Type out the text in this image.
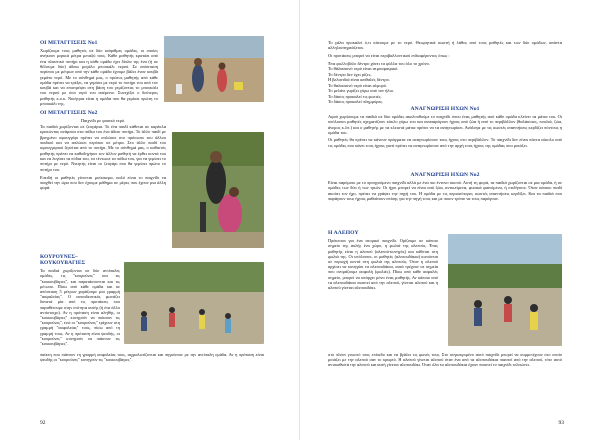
ΟΙ ΜΕΤΑΓΓΙΣΕΙΣ No1

Χωρίζουμε τους μαθητές σε δύο ισάριθμες ομάδες, οι οποίες ανήκουν μερικά μέτρα μεταξύ τους. Κάθε μαθητής κρατάει από ένα πλαστικό ποτήρι και η κάθε ομάδα έχει δίπλα της ένα (ή σε θέλουμε δύο) άδεια μεγάλο μπουκάλι νερού. Σε απόσταση περίπου με μέτρων από την κάθε ομάδα έχουμε βάλει έναν κουβά γεμάτο νερό. Με το σύνθημά μας, ο πρώτος μαθητής από κάθε ομάδα πρέπει να τρέξει, να γεμίσει με νερό το ποτήρι του από τον κουβά και να επιστρέψει στη βάση του γεμίζοντας το μπουκάλι του νερού με όσο νερό του απέμεινε. Συνεχίζει ο δεύτερος μαθητής κ.ο.κ. Νικήτρια είναι η ομάδα που θα γεμίσει πρώτη το μπουκάλι της.

ΟΙ ΜΕΤΑΓΓΙΣΕΙΣ No2

Παιχνίδι με φυσικό νερό.

Τα παιδιά χωρίζονται σε ζευγάρια. Το ένα παιδί κάθεται σε καρέκλα κρατώντας ανάμεσα στα πόδια του ένα άδειο ποτήρι. Το άλλο παιδί με βρεγμένο σφουγγάρι πρέπει να απλώσει στο πρόσωπο του άλλου παιδιού και να απλώσει περίπου σε μέτρα. Στο άλλο παιδί του σφουγγαριού ζητείται από το ποτήρι. Με το σύνθημά μας, ο καθιστός μαθητής πρέπει να καθοδηγήσει τον άλλον μαθητή να έρθει κοντά του και να λυγίσει τα πόδια του, τα τέντωσε τα πόδια του, για να γεμίσει το ποτήρι με νερό. Νικητής είναι το ζευγάρι που θα γεμίσει πρώτο το ποτήρι του.

Επειδή οι μαθητές γίνονται μούσκεμα, καλό είναι το παιχνίδι να παιχθεί την ώρα που δεν έχουμε μάθημα σε μέρες που έχουν μια άλλη φορά.

ΚΟΥΡΟΥΝΕΣ–ΚΟΥΚΟΥΒΑΓΙΕΣ

Τα παιδιά χωρίζονται σε δύο αντίπαλες ομάδες, τις "κουρούνες" και τις "κουκουβάγιες", και παρατάσσονται και τις μέτωπο. Πίσω από κάθε ομάδα και σε απόσταση 5 μέτρων χαράζουμε μια γραμμή "ασφαλείας". Ο εκπαιδευτικός φωνάζει δυνατά μία από τις προτάσεις που παραθέτουμε στην ενότητα αυτής (ή ένα άλλο αντίστοιχο). Αν η πρόταση είναι αληθής, οι "κουκουβάγιες" κυνηγούν να πιάσουν τις "κουρούνες", ενώ οι "κουρούνες" τρέχουν στη γραμμή "ασφαλείας" τους, πίσω από τη γραμμή τους. Αν η πρόταση είναι ψευδής, οι "κουρούνες" κυνηγούν να πιάσουν τις "κουκουβάγιες".

παίκτη που πιάνουν τη γραμμή ασφαλείας τους, αιχμαλωτίζονται και πηγαίνουν με την αντίπαλη ομάδα. Αν η πρόταση είναι ψευδής οι "κουρούνες" κυνηγούν τις "κουκουβάγιες".

92

Το γάλα προκαλεί ό,τι κάνουμε με το νερό. Θεωρητικά σωστή ή λάθος από τους μαθητές και των δύο ομάδων, απάντα αλληλοεπηρεάζεται.

Οι προτάσεις μπορεί να είναι περιβαλλοντικού ενδιαφέροντος όπως :

Ένα φυλλοβόλο δέντρο χάνει τα φύλλα του όλο το χρόνο.

Το θάλασσινό νερό είναι ατμοσφαιρικό.

Το δέντρο δεν έχει ρίζες.

Η βελανιδιά είναι αειθαλές δέντρο.

Το θαλασσινό νερό είναι αλμυρό.

Το μελάνι γυρίζει γύρω από τον ήλιο.

Το δάσος προκαλεί τις φωτιές.

Το δάσος προκαλεί πλημμύρες.

ΑΝΑΓΝΩΡΙΣΗ ΗΧΩΝ No1

Αφού χωρίσουμε τα παιδιά σε δύο ομάδες ακολουθούμε το παιχνίδι όπου ένας μαθητής από κάθε ομάδα κλείνει τα μάτια του. Οι υπόλοιποι μαθητές σχηματίζουν κύκλο γύρω του και αναπαράγουν ήχους από ζώα ή από το περιβάλλον (θαλάσσιος, πουλιά, ζώα, άνεμος κ.λπ.) και ο μαθητής με τα κλειστά μάτια πρέπει να τα αναγνωρίσει. Ανάλογα με τις σωστές απαντήσεις κερδίζει πόντους η ομάδα του.

Οι μαθητές θα πρέπει να κάνουν πράγματα να αναγνωρίσουν τους ήχους στο περιβάλλον. Το παιχνίδι δεν είναι πάντα εύκολο από τις ομάδες που κάνει τους ήχους γιατί πρέπει να αναγνωρίσουν από την αρχή τους ήχους της ομάδας που μοιάζει.

ΑΝΑΓΝΩΡΙΣΗ ΗΧΩΝ No2

Είναι παρόμοιο με το προηγούμενο παιχνίδι αλλά με ένα πιο έντονο σκοπό. Αυτή τη φορά, τα παιδιά χωρίζονται σε μια ομάδα, ή σε ομάδες των δύο ή των τριών. Οι ήχοι μπορεί να είναι από ζώα, αντικείμενα, φυσικά φαινόμενα, ή οτιδήποτε. Όταν κάποιο παιδί ακούει τον ήχο, πρέπει να γράψει την πηγή του. Η ομάδα με τις περισσότερες σωστές απαντήσεις κερδίζει. Και τα παιδιά που παράγουν τους ήχους μαθαίνουν επίσης για την πηγή τους και με ποιον τρόπο να τους παράγουν.

Η ΑΛΕΠΟΥ

Πρόκειται για ένα ατομικό παιχνίδι. Ορίζουμε σε κάποιο σημείο της αυλής ένα χώρο, η φωλιά της αλεπούς. Ένας μαθητής είναι η αλεπού (αλεπού-κυνηγός) και κάθεται στη φωλιά της. Οι υπόλοιποι, οι μαθητές (αλεπουδάκια) κινούνται σε περιοχή κοντά στη φωλιά της αλεπούς. Όταν η αλεπού αρχίσει να κυνηγάει τα αλεπουδάκια, αυτά τρέχουν σε σημεία που ονομάζουμε ασφαλή (φωλιές). Πίσω από κάθε ασφαλές σημείο, μπορεί να υπάρχει μόνο ένας μαθητής. Αν κάποιο από τα αλεπουδάκια πιαστεί από την αλεπού, γίνεται αλεπού και η αλεπού γίνεται αλεπουδάκι.

στο πλέον γνωστό τους επίπεδο και να βγάλει τις φωνές τους. Στο συγκεκριμένο αυτό παιχνίδι μπορεί να συμμετέχουν στο οποίο μοιάζει με την αλεπού σαν το κρυφτό. Η αλεπού γίνεται αλεπού όταν ένα από τα αλεπουδάκια πιαστεί από την αλεπού, τότε αυτό αντικαθιστά την αλεπού και αυτή γίνεται αλεπουδάκι. Όταν όλα τα αλεπουδάκια έχουν πιαστεί το παιχνίδι τελειώνει.

93
